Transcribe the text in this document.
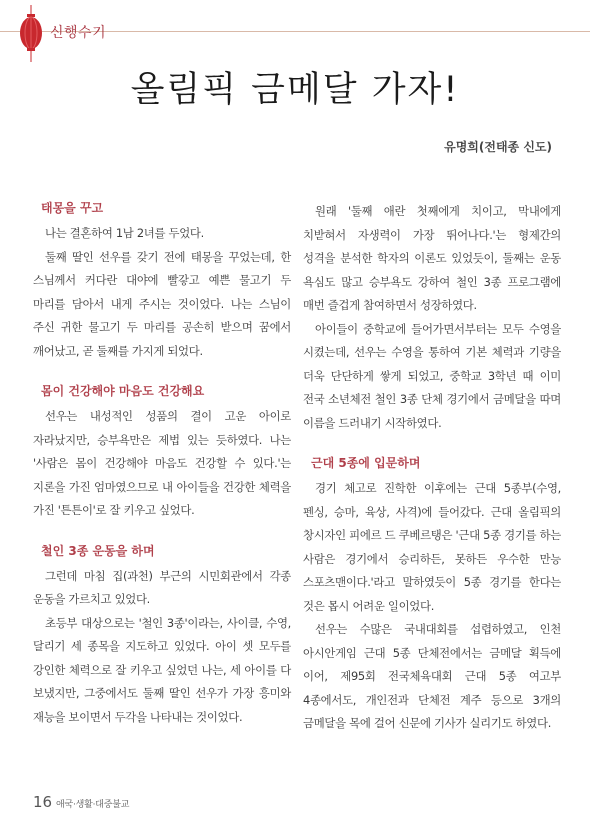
신행수기
올림픽 금메달 가자!
유명희(전태종 신도)
태몽을 꾸고

나는 결혼하여 1남 2녀를 두었다.

둘째 딸인 선우를 갖기 전에 태몽을 꾸었는데, 한 스님께서 커다란 대야에 빨갛고 예쁜 물고기 두 마리를 담아서 내게 주시는 것이었다. 나는 스님이 주신 귀한 물고기 두 마리를 공손히 받으며 꿈에서 깨어났고, 곧 둘째를 가지게 되었다.

몸이 건강해야 마음도 건강해요

선우는 내성적인 성품의 결이 고운 아이로 자라났지만, 승부욕만은 제법 있는 듯하였다. 나는 '사람은 몸이 건강해야 마음도 건강할 수 있다.'는 지론을 가진 엄마였으므로 내 아이들을 건강한 체력을 가진 '튼튼이'로 잘 키우고 싶었다.

철인 3종 운동을 하며

그런데 마침 집(과천) 부근의 시민회관에서 각종 운동을 가르치고 있었다.

초등부 대상으로는 '철인 3종'이라는, 사이클, 수영, 달리기 세 종목을 지도하고 있었다. 아이 셋 모두를 강인한 체력으로 잘 키우고 싶었던 나는, 세 아이를 다 보냈지만, 그중에서도 둘째 딸인 선우가 가장 흥미와 재능을 보이면서 두각을 나타내는 것이었다.

원래 '둘째 애란 첫째에게 치이고, 막내에게 치받혀서 자생력이 가장 뛰어나다.'는 형제간의 성격을 분석한 학자의 이론도 있었듯이, 둘째는 운동 욕심도 많고 승부욕도 강하여 철인 3종 프로그램에 매번 즐겁게 참여하면서 성장하였다.

아이들이 중학교에 들어가면서부터는 모두 수영을 시켰는데, 선우는 수영을 통하여 기본 체력과 기량을 더욱 단단하게 쌓게 되었고, 중학교 3학년 때 이미 전국 소년체전 철인 3종 단체 경기에서 금메달을 따며 이름을 드러내기 시작하였다.

근대 5종에 입문하며

경기 체고로 진학한 이후에는 근대 5종부(수영, 펜싱, 승마, 육상, 사격)에 들어갔다. 근대 올림픽의 창시자인 피에르 드 쿠베르탱은 '근대 5종 경기를 하는 사람은 경기에서 승리하든, 못하든 우수한 만능 스포츠맨이다.'라고 말하였듯이 5종 경기를 한다는 것은 몹시 어려운 일이었다.

선우는 수많은 국내대회를 섭렵하였고, 인천 아시안게임 근대 5종 단체전에서는 금메달 획득에 이어, 제95회 전국체육대회 근대 5종 여고부 4종에서도, 개인전과 단체전 계주 등으로 3개의 금메달을 목에 걸어 신문에 기사가 실리기도 하였다.

16 애국·생활·대중불교
